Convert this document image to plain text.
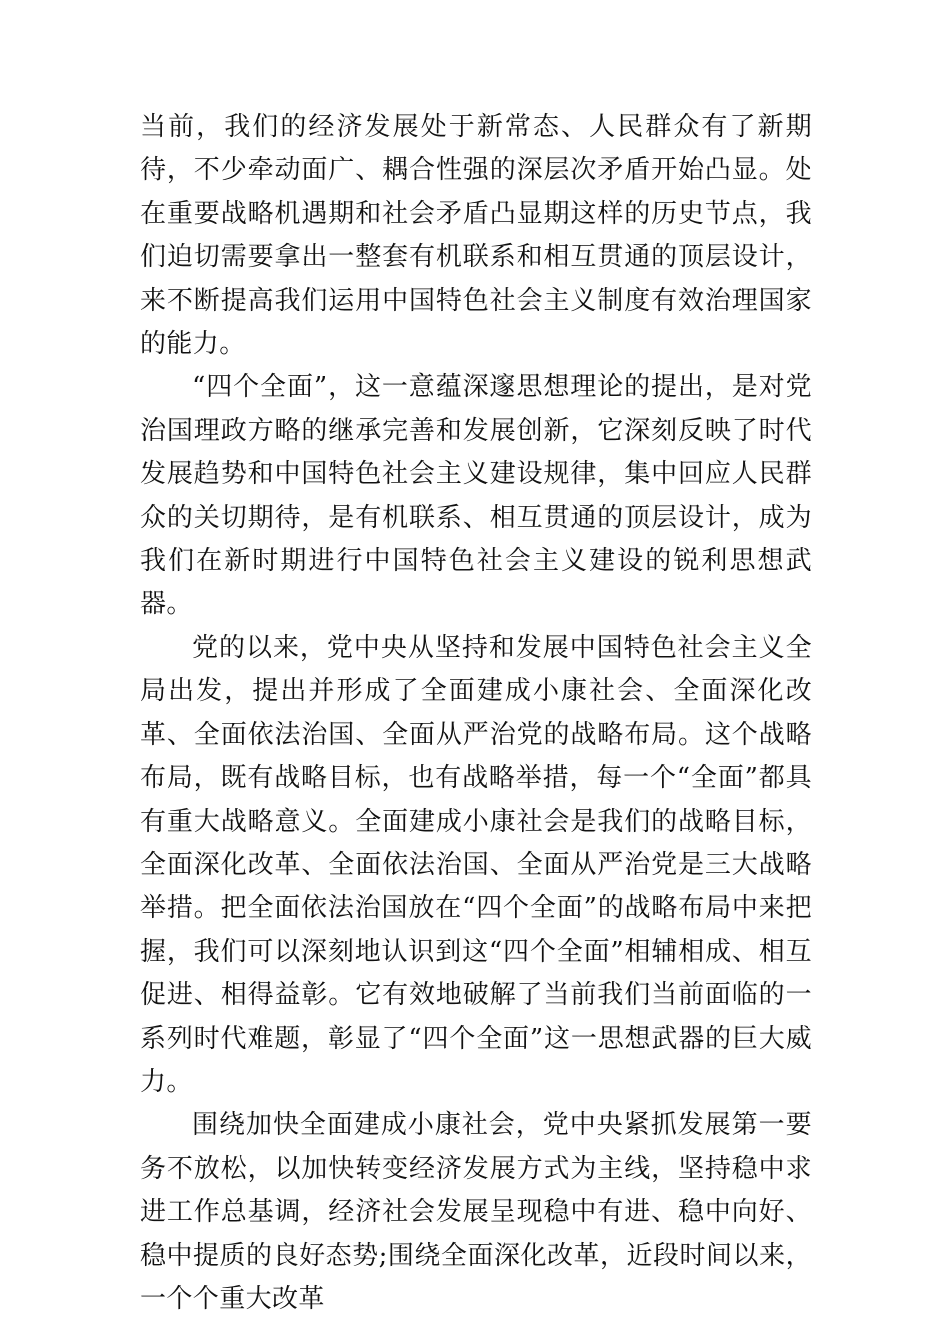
当前，我们的经济发展处于新常态、人民群众有了新期待，不少牵动面广、耦合性强的深层次矛盾开始凸显。处在重要战略机遇期和社会矛盾凸显期这样的历史节点，我们迫切需要拿出一整套有机联系和相互贯通的顶层设计，来不断提高我们运用中国特色社会主义制度有效治理国家的能力。

“四个全面”，这一意蕴深邃思想理论的提出，是对党治国理政方略的继承完善和发展创新，它深刻反映了时代发展趋势和中国特色社会主义建设规律，集中回应人民群众的关切期待，是有机联系、相互贯通的顶层设计，成为我们在新时期进行中国特色社会主义建设的锐利思想武器。

党的以来，党中央从坚持和发展中国特色社会主义全局出发，提出并形成了全面建成小康社会、全面深化改革、全面依法治国、全面从严治党的战略布局。这个战略布局，既有战略目标，也有战略举措，每一个“全面”都具有重大战略意义。全面建成小康社会是我们的战略目标，全面深化改革、全面依法治国、全面从严治党是三大战略举措。把全面依法治国放在“四个全面”的战略布局中来把握，我们可以深刻地认识到这“四个全面”相辅相成、相互促进、相得益彰。它有效地破解了当前我们当前面临的一系列时代难题，彰显了“四个全面”这一思想武器的巨大威力。

围绕加快全面建成小康社会，党中央紧抓发展第一要务不放松，以加快转变经济发展方式为主线，坚持稳中求进工作总基调，经济社会发展呈现稳中有进、稳中向好、稳中提质的良好态势;围绕全面深化改革，近段时间以来，一个个重大改革
